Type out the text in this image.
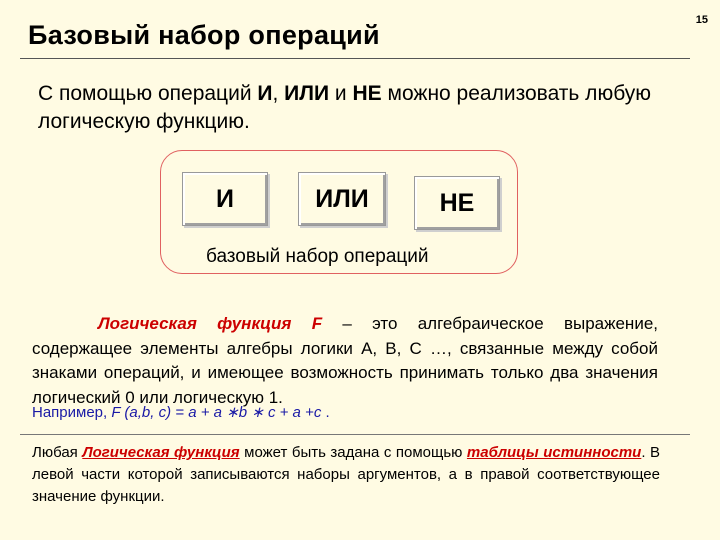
15
Базовый набор операций
С помощью операций И, ИЛИ и НЕ можно реализовать любую логическую функцию.
И	ИЛИ	НЕ
базовый набор операций
Логическая функция F – это алгебраическое выражение, содержащее элементы алгебры логики А, В, С …, связанные между собой знаками операций, и имеющее возможность принимать только два значения логический 0 или логическую 1.
Например, F (a,b, c) = a + a ∗b ∗ c + a +c .
Любая Логическая функция может быть задана с помощью таблицы истинности. В левой части которой записываются наборы аргументов, а в правой соответствующее значение функции.
